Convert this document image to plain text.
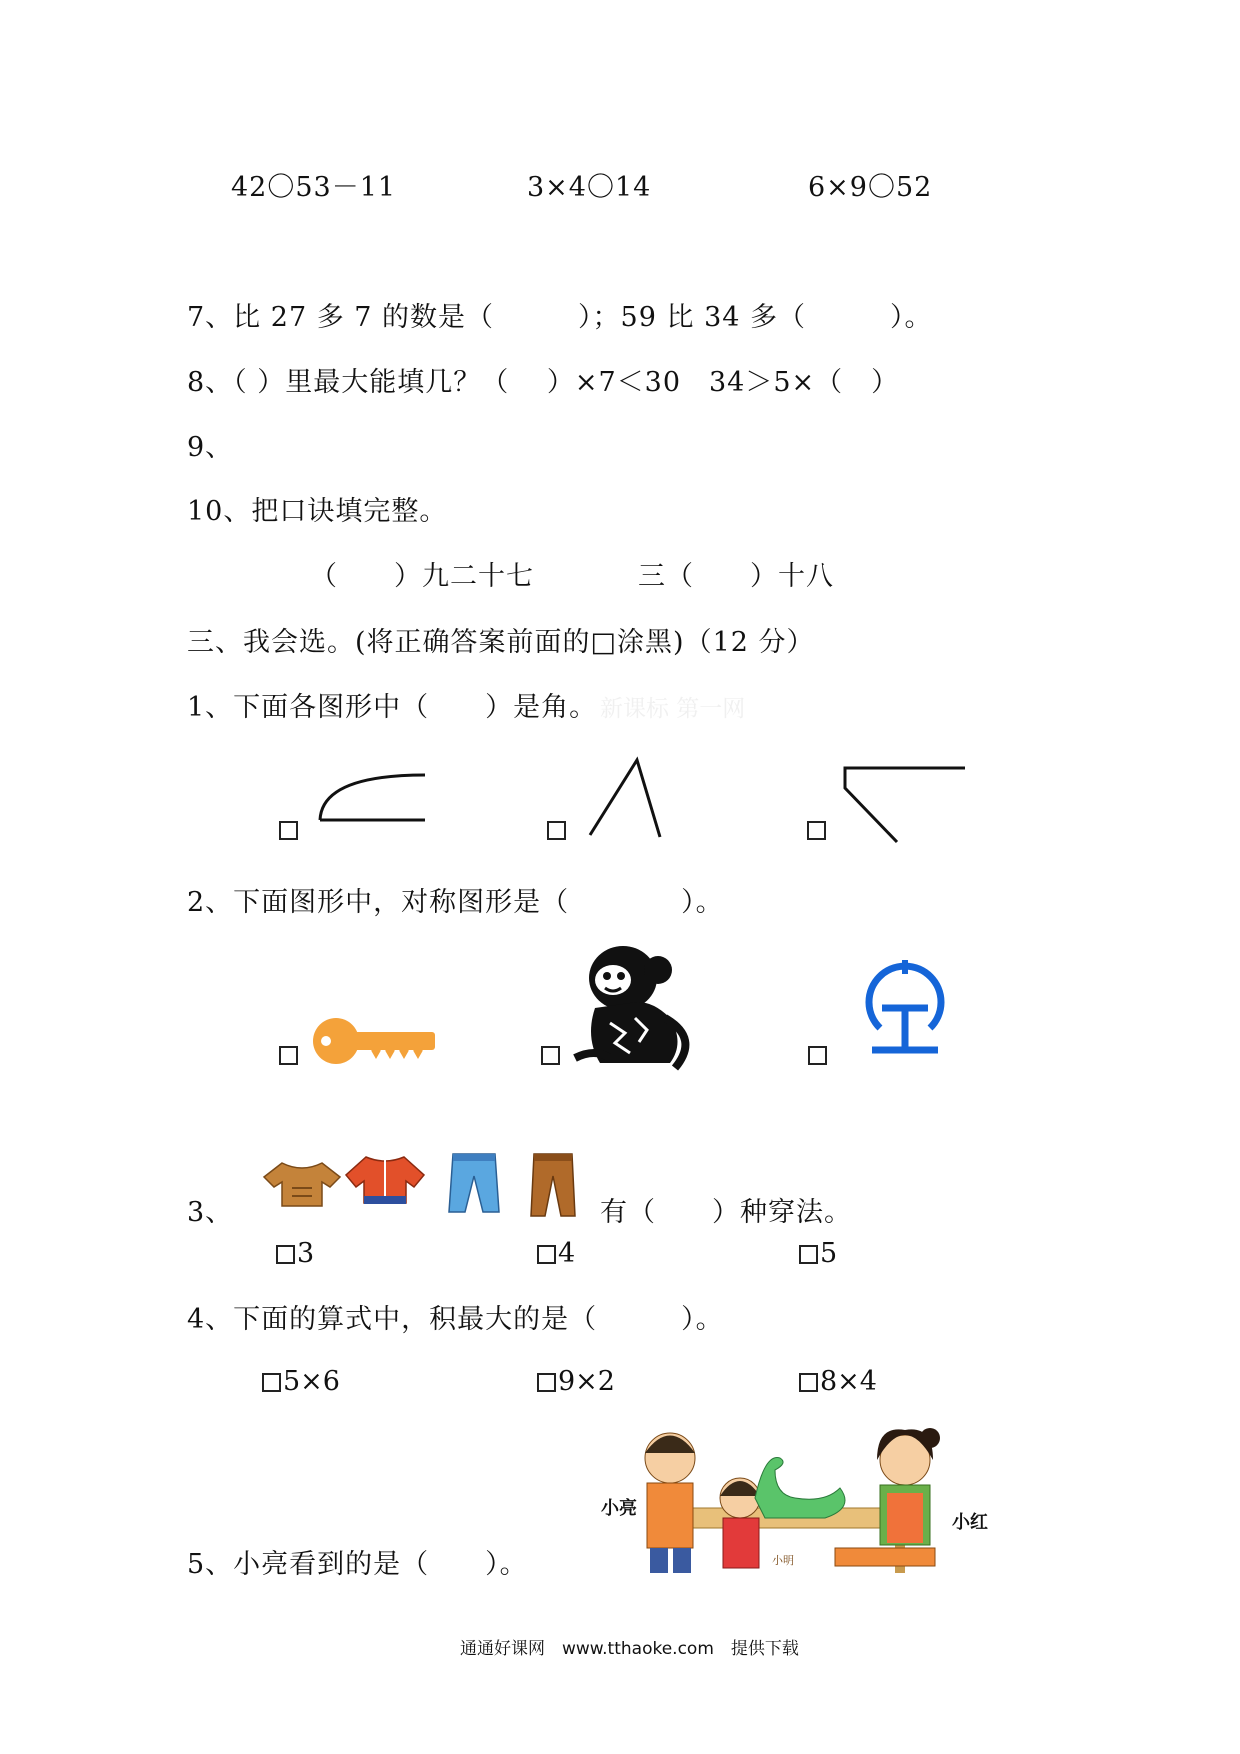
42〇53－11	3×4〇14	6×9〇52
7、比 27 多 7 的数是（　　　）；59 比 34 多（　　　）。
8、（ ）里最大能填几？（　 ）×7＜30　34＞5×（　）
9、
10、把口诀填完整。
（　　）九二十七	三（　　）十八
三、我会选。(将正确答案前面的□涂黑)（12 分）
1、下面各图形中（　　）是角。 新课标 第一网
2、下面图形中，对称图形是（　　　　）。
3、	有（　　）种穿法。
3	4	5
4、下面的算式中，积最大的是（　　　）。
5×6	9×2	8×4
5、小亮看到的是（　　）。
小亮
小红
小明
通通好课网　www.tthaoke.com　提供下载
